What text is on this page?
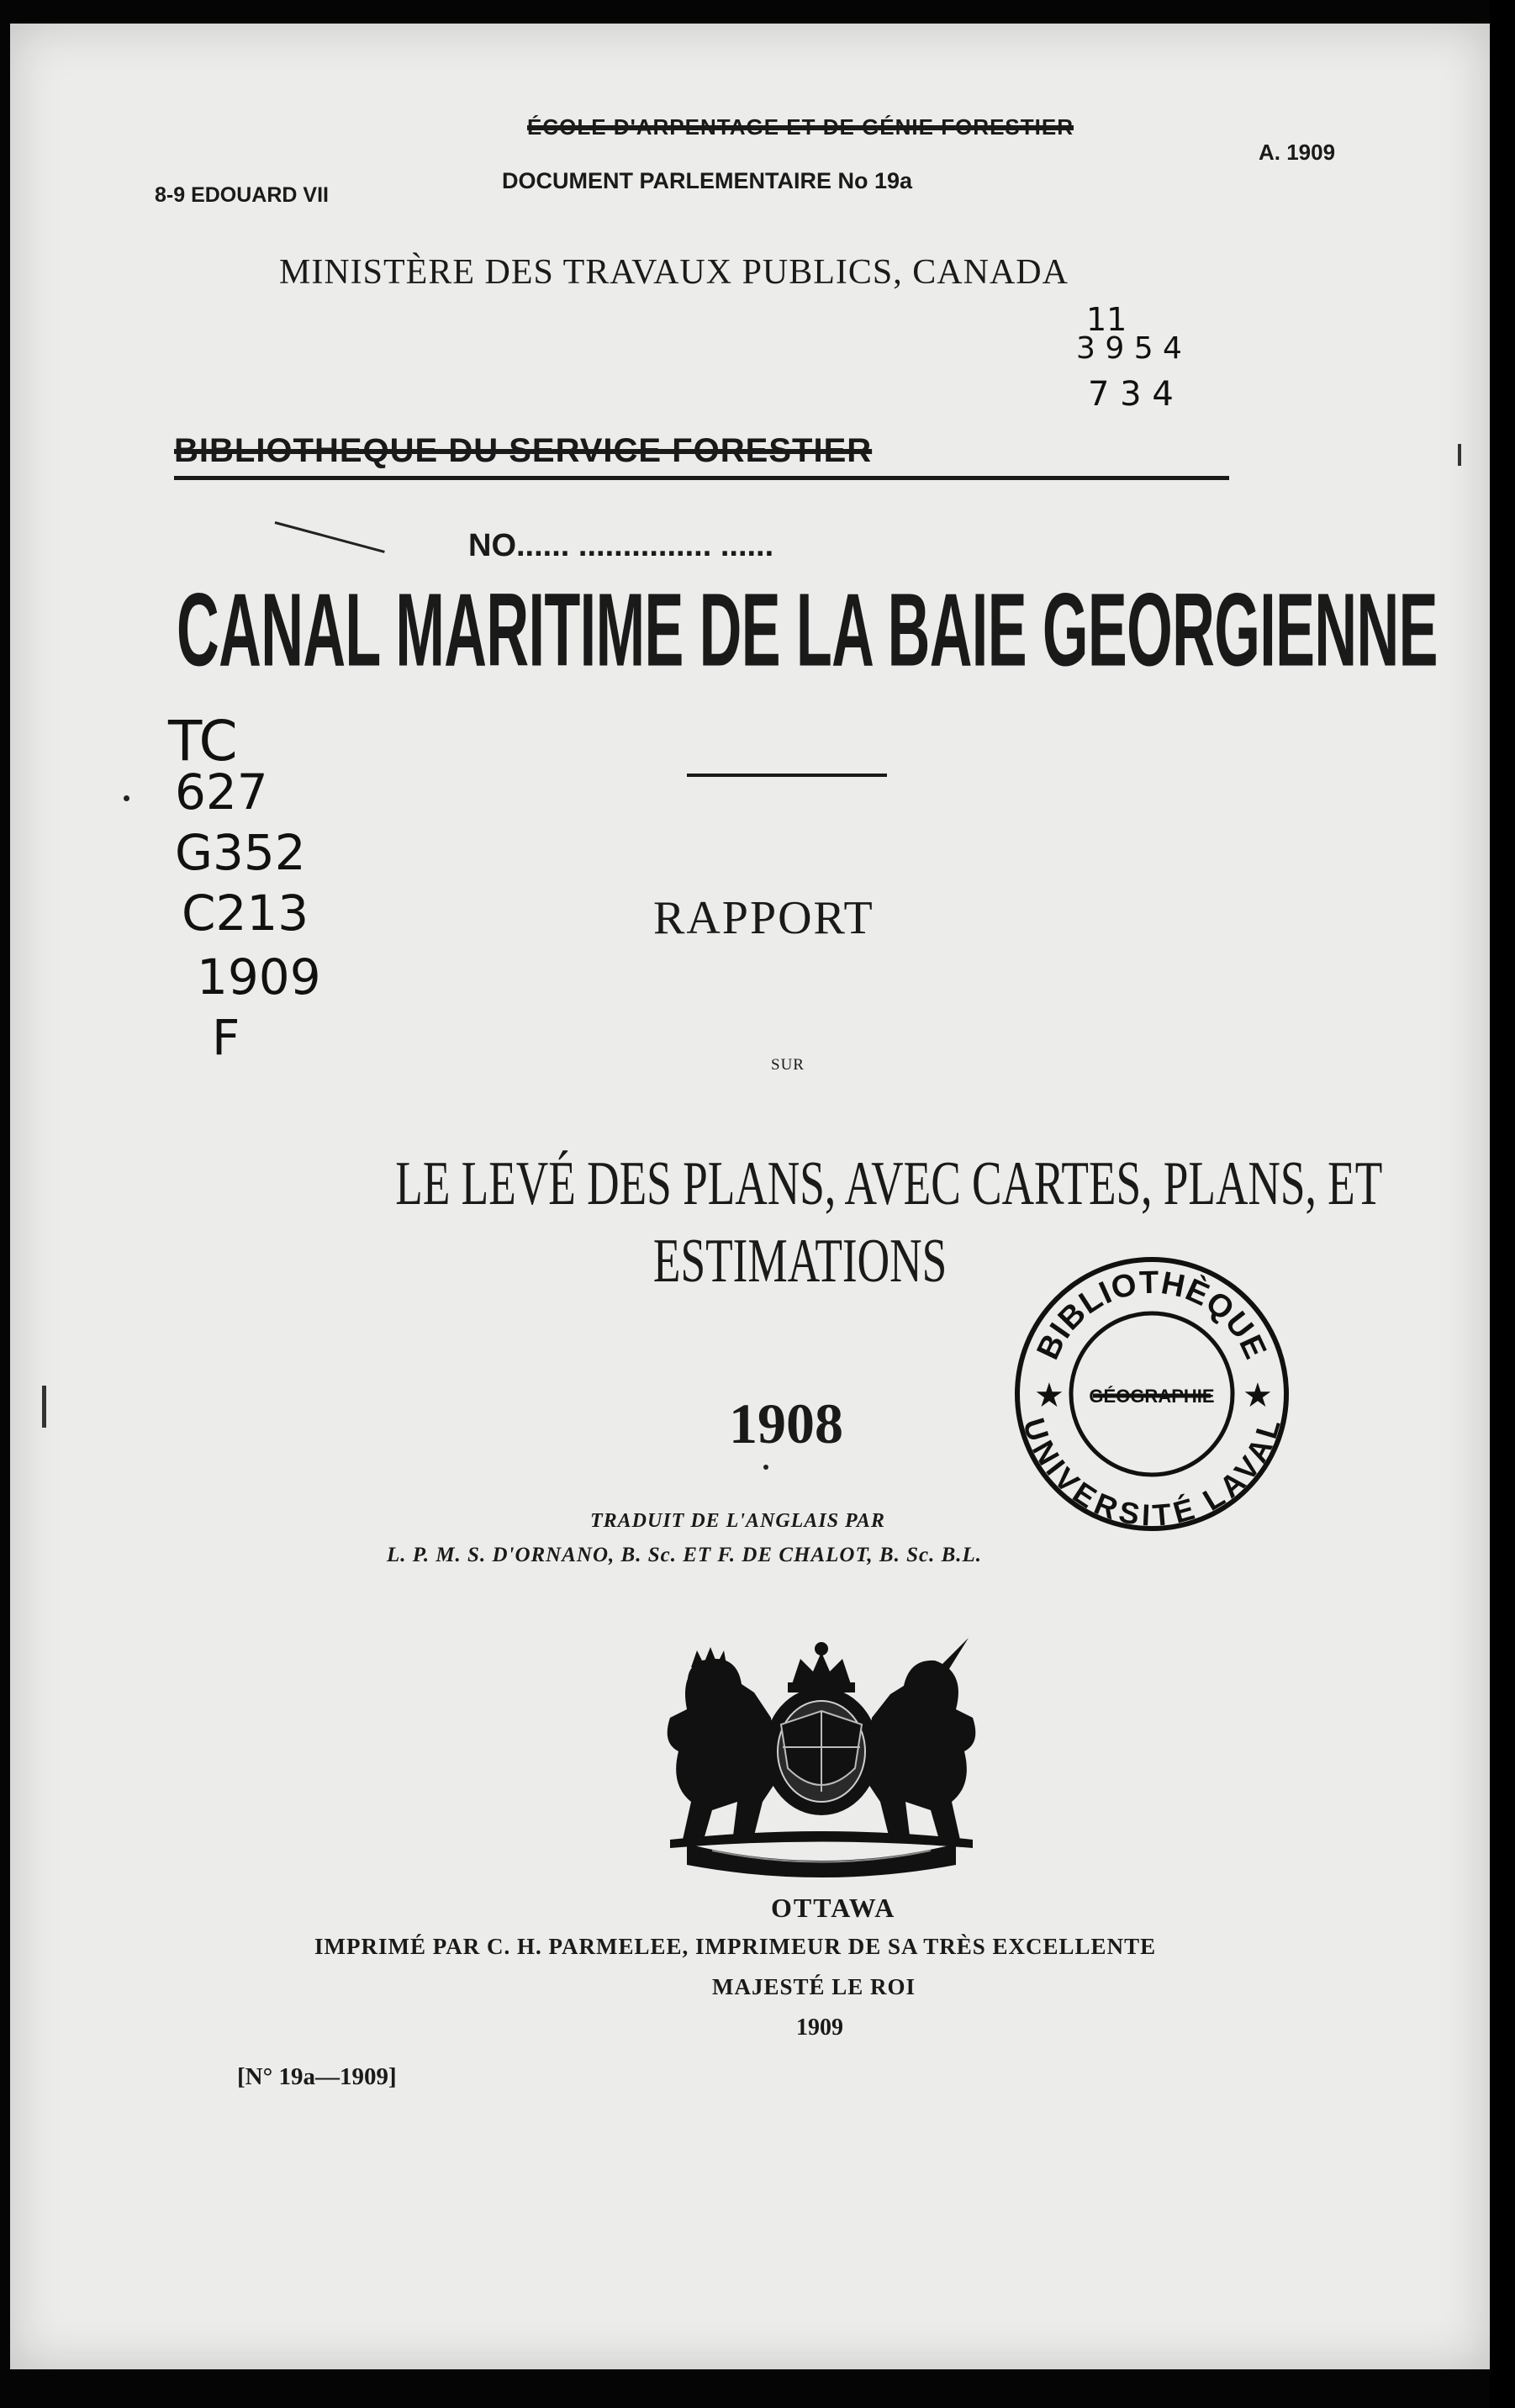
ÉCOLE D'ARPENTAGE ET DE GÉNIE FORESTIER
8-9 EDOUARD VII
DOCUMENT PARLEMENTAIRE No 19a
A. 1909
MINISTÈRE DES TRAVAUX PUBLICS, CANADA
11
3 9 5 4
7 3 4
BIBLIOTHEQUE DU SERVICE FORESTIER
NO...... ............... ......
CANAL MARITIME DE LA BAIE GEORGIENNE
TC
627
G352
C213
1909
F
RAPPORT
SUR
LE LEVÉ DES PLANS, AVEC CARTES, PLANS, ET
ESTIMATIONS
1908
BIBLIOTHÈQUE
UNIVERSITÉ LAVAL
★	★
GÉOGRAPHIE
TRADUIT DE L'ANGLAIS PAR
L. P. M. S. D'ORNANO, B. Sc. ET F. DE CHALOT, B. Sc. B.L.
OTTAWA
IMPRIMÉ PAR C. H. PARMELEE, IMPRIMEUR DE SA TRÈS EXCELLENTE
MAJESTÉ LE ROI
1909
[N° 19a—1909]
